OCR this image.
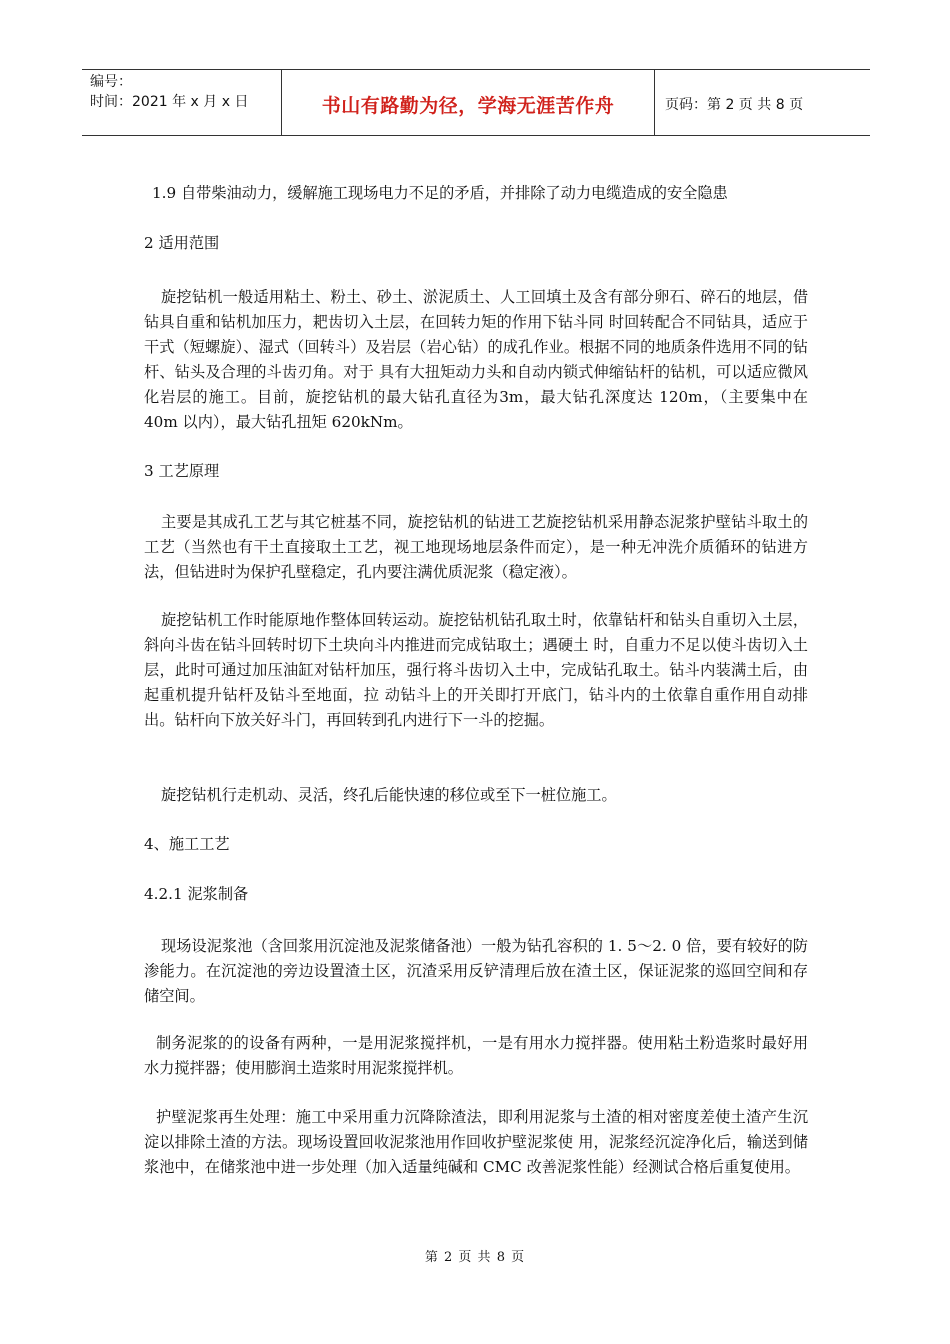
编号：
时间：2021 年 x 月 x 日	书山有路勤为径，学海无涯苦作舟	页码：第 2 页 共 8 页
1.9 自带柴油动力，缓解施工现场电力不足的矛盾，并排除了动力电缆造成的安全隐患
2 适用范围
旋挖钻机一般适用粘土、粉土、砂土、淤泥质土、人工回填土及含有部分卵石、碎石的地层，借钻具自重和钻机加压力，耙齿切入土层，在回转力矩的作用下钻斗同 时回转配合不同钻具，适应于干式（短螺旋）、湿式（回转斗）及岩层（岩心钻）的成孔作业。根据不同的地质条件选用不同的钻杆、钻头及合理的斗齿刃角。对于 具有大扭矩动力头和自动内锁式伸缩钻杆的钻机，可以适应微风化岩层的施工。目前，旋挖钻机的最大钻孔直径为3m，最大钻孔深度达 120m，（主要集中在 40m 以内），最大钻孔扭矩 620kNm。
3 工艺原理
主要是其成孔工艺与其它桩基不同，旋挖钻机的钻进工艺旋挖钻机采用静态泥浆护壁钻斗取土的工艺（当然也有干土直接取土工艺，视工地现场地层条件而定），是一种无冲洗介质循环的钻进方法，但钻进时为保护孔壁稳定，孔内要注满优质泥浆（稳定液）。
旋挖钻机工作时能原地作整体回转运动。旋挖钻机钻孔取土时，依靠钻杆和钻头自重切入土层，斜向斗齿在钻斗回转时切下土块向斗内推进而完成钻取土；遇硬土 时，自重力不足以使斗齿切入土层，此时可通过加压油缸对钻杆加压，强行将斗齿切入土中，完成钻孔取土。钻斗内装满土后，由起重机提升钻杆及钻斗至地面，拉 动钻斗上的开关即打开底门，钻斗内的土依靠自重作用自动排出。钻杆向下放关好斗门，再回转到孔内进行下一斗的挖掘。
旋挖钻机行走机动、灵活，终孔后能快速的移位或至下一桩位施工。
4、施工工艺
4.2.1 泥浆制备
现场设泥浆池（含回浆用沉淀池及泥浆储备池）一般为钻孔容积的 1. 5～2. 0 倍，要有较好的防渗能力。在沉淀池的旁边设置渣土区，沉渣采用反铲清理后放在渣土区，保证泥浆的巡回空间和存储空间。
制务泥浆的的设备有两种，一是用泥浆搅拌机，一是有用水力搅拌器。使用粘土粉造浆时最好用水力搅拌器；使用膨润土造浆时用泥浆搅拌机。
护壁泥浆再生处理：施工中采用重力沉降除渣法，即利用泥浆与土渣的相对密度差使土渣产生沉淀以排除土渣的方法。现场设置回收泥浆池用作回收护壁泥浆使 用，泥浆经沉淀净化后，输送到储浆池中，在储浆池中进一步处理（加入适量纯碱和 CMC 改善泥浆性能）经测试合格后重复使用。
第 2 页 共 8 页
